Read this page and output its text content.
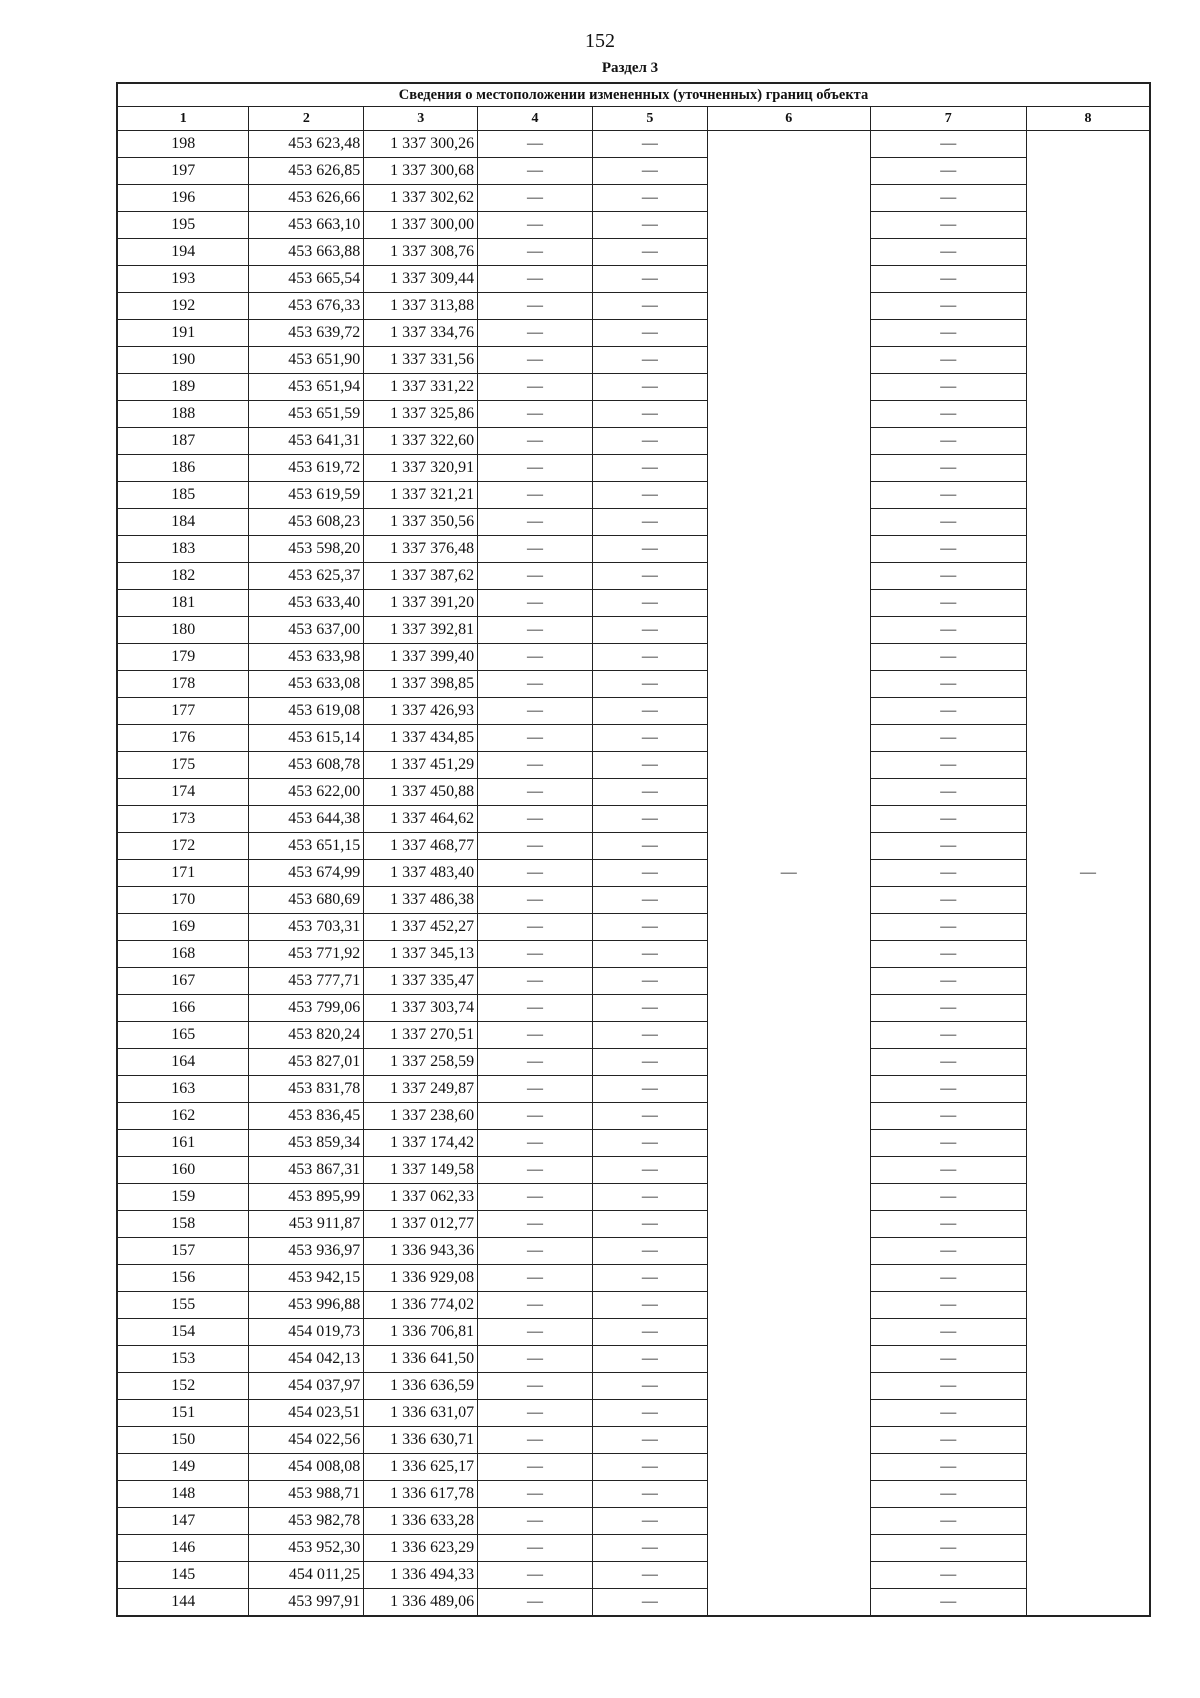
152
Раздел 3
Сведения о местоположении измененных (уточненных) границ объекта							
1	2	3	4	5	6	7	8
198	453 623,48	1 337 300,26	—	—	—	—	—
197	453 626,85	1 337 300,68	—	—		—	
196	453 626,66	1 337 302,62	—	—		—	
195	453 663,10	1 337 300,00	—	—		—	
194	453 663,88	1 337 308,76	—	—		—	
193	453 665,54	1 337 309,44	—	—		—	
192	453 676,33	1 337 313,88	—	—		—	
191	453 639,72	1 337 334,76	—	—		—	
190	453 651,90	1 337 331,56	—	—		—	
189	453 651,94	1 337 331,22	—	—		—	
188	453 651,59	1 337 325,86	—	—		—	
187	453 641,31	1 337 322,60	—	—		—	
186	453 619,72	1 337 320,91	—	—		—	
185	453 619,59	1 337 321,21	—	—		—	
184	453 608,23	1 337 350,56	—	—		—	
183	453 598,20	1 337 376,48	—	—		—	
182	453 625,37	1 337 387,62	—	—		—	
181	453 633,40	1 337 391,20	—	—		—	
180	453 637,00	1 337 392,81	—	—		—	
179	453 633,98	1 337 399,40	—	—		—	
178	453 633,08	1 337 398,85	—	—		—	
177	453 619,08	1 337 426,93	—	—		—	
176	453 615,14	1 337 434,85	—	—		—	
175	453 608,78	1 337 451,29	—	—		—	
174	453 622,00	1 337 450,88	—	—		—	
173	453 644,38	1 337 464,62	—	—		—	
172	453 651,15	1 337 468,77	—	—		—	
171	453 674,99	1 337 483,40	—	—		—	
170	453 680,69	1 337 486,38	—	—		—	
169	453 703,31	1 337 452,27	—	—		—	
168	453 771,92	1 337 345,13	—	—		—	
167	453 777,71	1 337 335,47	—	—		—	
166	453 799,06	1 337 303,74	—	—		—	
165	453 820,24	1 337 270,51	—	—		—	
164	453 827,01	1 337 258,59	—	—		—	
163	453 831,78	1 337 249,87	—	—		—	
162	453 836,45	1 337 238,60	—	—		—	
161	453 859,34	1 337 174,42	—	—		—	
160	453 867,31	1 337 149,58	—	—		—	
159	453 895,99	1 337 062,33	—	—		—	
158	453 911,87	1 337 012,77	—	—		—	
157	453 936,97	1 336 943,36	—	—		—	
156	453 942,15	1 336 929,08	—	—		—	
155	453 996,88	1 336 774,02	—	—		—	
154	454 019,73	1 336 706,81	—	—		—	
153	454 042,13	1 336 641,50	—	—		—	
152	454 037,97	1 336 636,59	—	—		—	
151	454 023,51	1 336 631,07	—	—		—	
150	454 022,56	1 336 630,71	—	—		—	
149	454 008,08	1 336 625,17	—	—		—	
148	453 988,71	1 336 617,78	—	—		—	
147	453 982,78	1 336 633,28	—	—		—	
146	453 952,30	1 336 623,29	—	—		—	
145	454 011,25	1 336 494,33	—	—		—	
144	453 997,91	1 336 489,06	—	—		—	
